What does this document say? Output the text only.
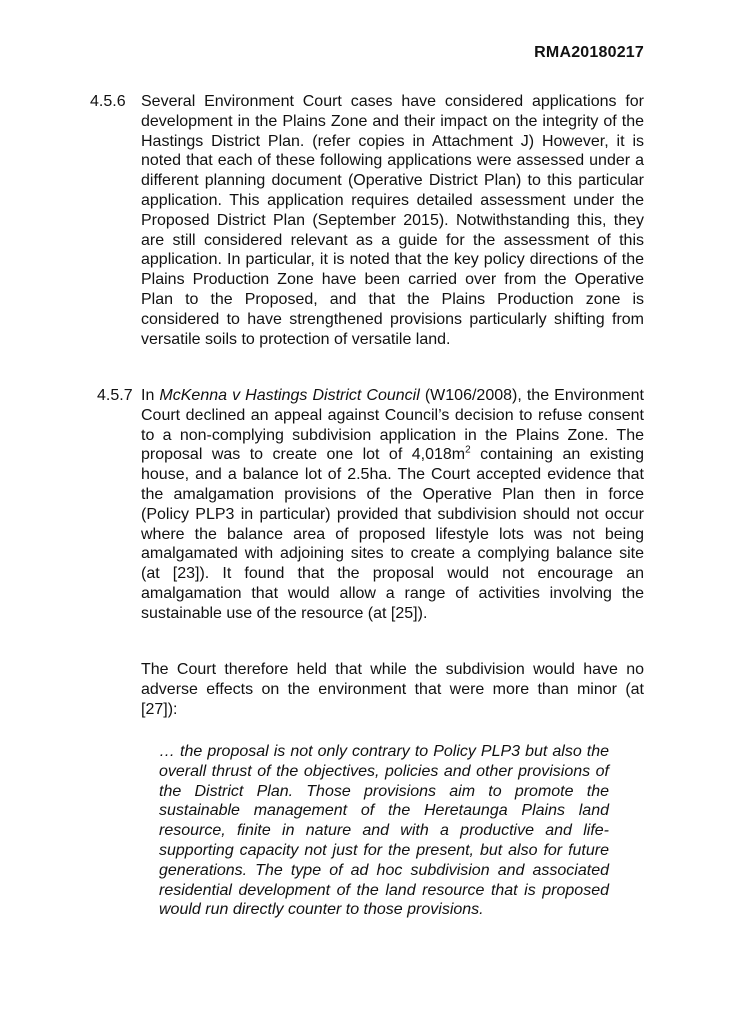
RMA20180217
4.5.6 Several Environment Court cases have considered applications for development in the Plains Zone and their impact on the integrity of the Hastings District Plan. (refer copies in Attachment J) However, it is noted that each of these following applications were assessed under a different planning document (Operative District Plan) to this particular application. This application requires detailed assessment under the Proposed District Plan (September 2015). Notwithstanding this, they are still considered relevant as a guide for the assessment of this application. In particular, it is noted that the key policy directions of the Plains Production Zone have been carried over from the Operative Plan to the Proposed, and that the Plains Production zone is considered to have strengthened provisions particularly shifting from versatile soils to protection of versatile land.
4.5.7 In McKenna v Hastings District Council (W106/2008), the Environment Court declined an appeal against Council’s decision to refuse consent to a non-complying subdivision application in the Plains Zone. The proposal was to create one lot of $4,018m^2$ containing an existing house, and a balance lot of 2.5ha. The Court accepted evidence that the amalgamation provisions of the Operative Plan then in force (Policy PLP3 in particular) provided that subdivision should not occur where the balance area of proposed lifestyle lots was not being amalgamated with adjoining sites to create a complying balance site (at [23]). It found that the proposal would not encourage an amalgamation that would allow a range of activities involving the sustainable use of the resource (at [25]).
The Court therefore held that while the subdivision would have no adverse effects on the environment that were more than minor (at [27]):
… the proposal is not only contrary to Policy PLP3 but also the overall thrust of the objectives, policies and other provisions of the District Plan. Those provisions aim to promote the sustainable management of the Heretaunga Plains land resource, finite in nature and with a productive and life-supporting capacity not just for the present, but also for future generations. The type of ad hoc subdivision and associated residential development of the land resource that is proposed would run directly counter to those provisions.
